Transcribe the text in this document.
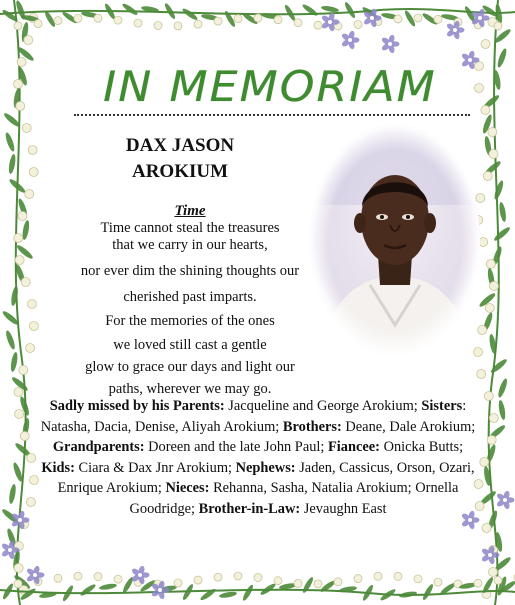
IN MEMORIAM
DAX JASON
AROKIUM
Time
Time cannot steal the treasures
that we carry in our hearts,
nor ever dim the shining thoughts our
cherished past imparts.
For the memories of the ones
we loved still cast a gentle
glow to grace our days and light our
paths, wherever we may go.
Sadly missed by his Parents: Jacqueline and George Arokium; Sisters: Natasha, Dacia, Denise, Aliyah Arokium; Brothers: Deane, Dale Arokium; Grandparents: Doreen and the late John Paul; Fiancee: Onicka Butts; Kids: Ciara & Dax Jnr Arokium; Nephews: Jaden, Cassicus, Orson, Ozari, Enrique Arokium; Nieces: Rehanna, Sasha, Natalia Arokium; Ornella Goodridge; Brother-in-Law: Jevaughn East
